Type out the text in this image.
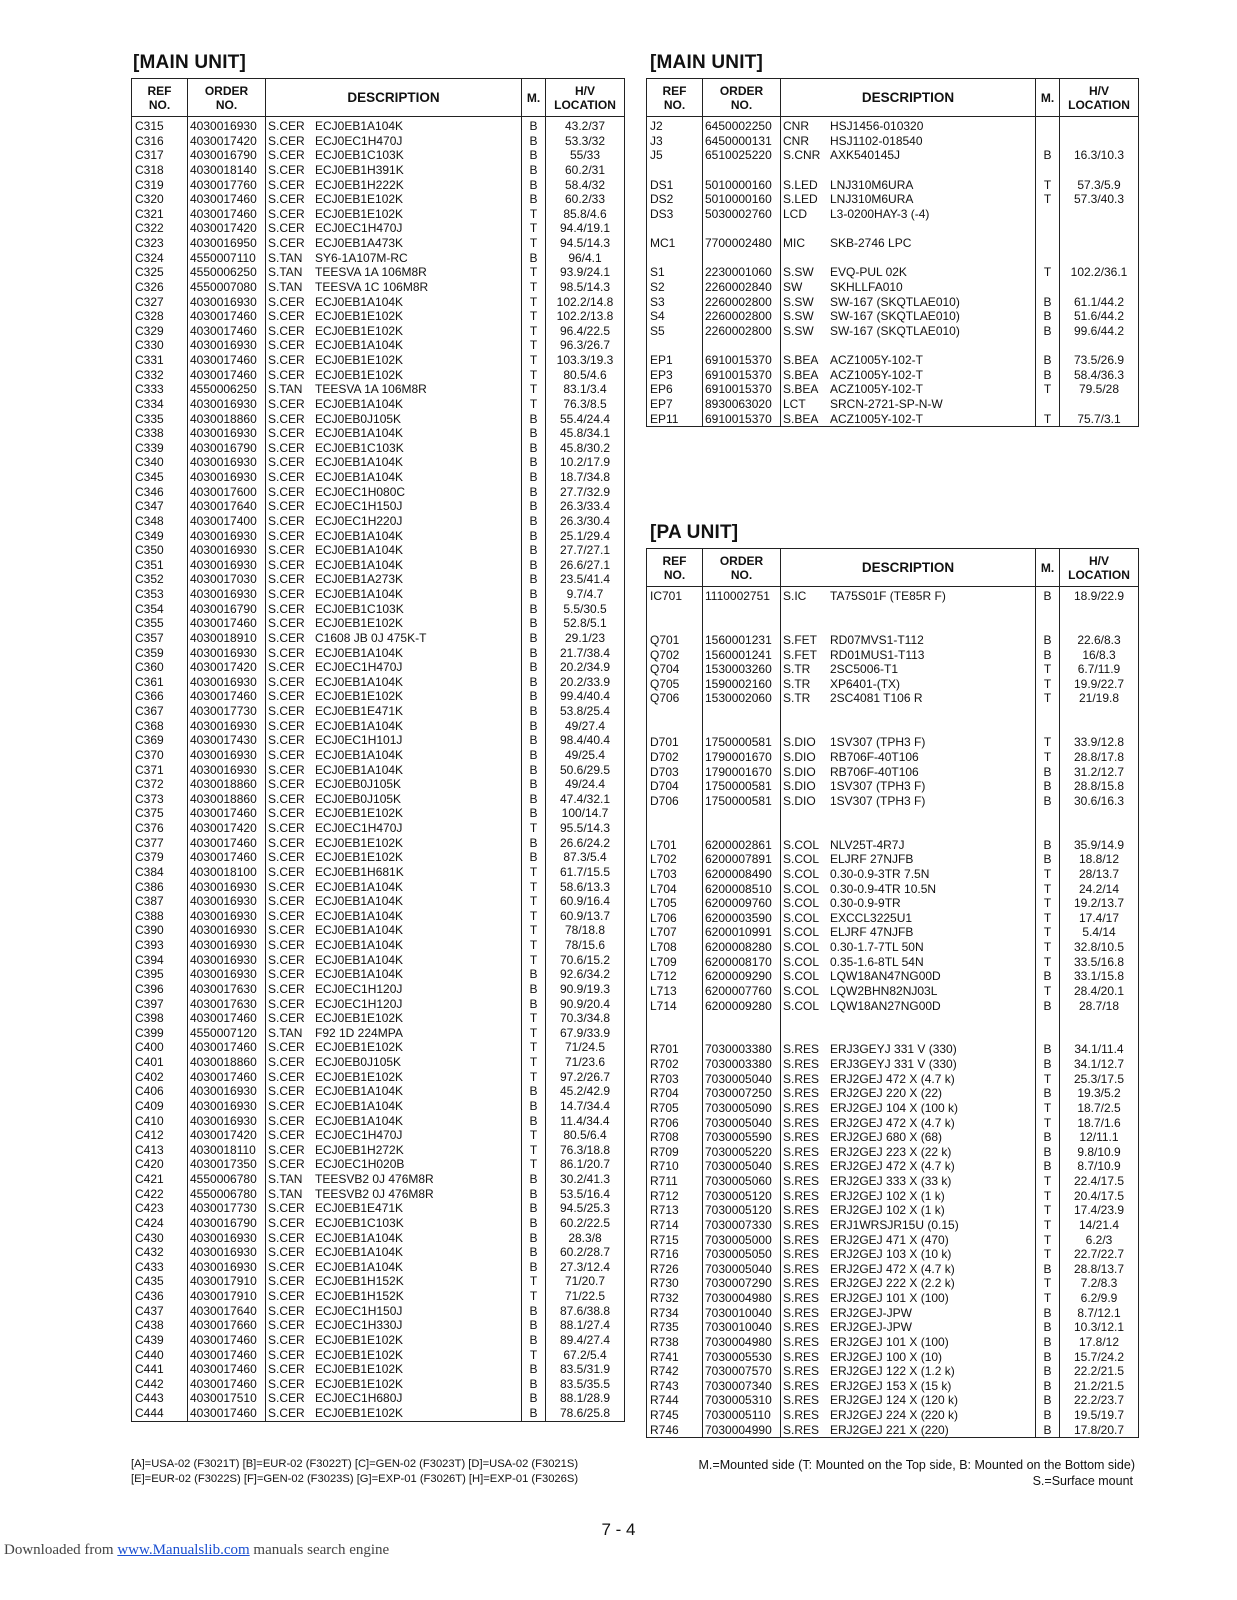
[MAIN UNIT]
REF
NO.	ORDER
NO.	DESCRIPTION	M.	H/V
LOCATION
C315	4030016930	S.CER ECJ0EB1A104K	B	43.2/37
C316	4030017420	S.CER ECJ0EC1H470J	B	53.3/32
C317	4030016790	S.CER ECJ0EB1C103K	B	55/33
C318	4030018140	S.CER ECJ0EB1H391K	B	60.2/31
C319	4030017760	S.CER ECJ0EB1H222K	B	58.4/32
C320	4030017460	S.CER ECJ0EB1E102K	B	60.2/33
C321	4030017460	S.CER ECJ0EB1E102K	T	85.8/4.6
C322	4030017420	S.CER ECJ0EC1H470J	T	94.4/19.1
C323	4030016950	S.CER ECJ0EB1A473K	T	94.5/14.3
C324	4550007110	S.TAN SY6-1A107M-RC	B	96/4.1
C325	4550006250	S.TAN TEESVA 1A 106M8R	T	93.9/24.1
C326	4550007080	S.TAN TEESVA 1C 106M8R	T	98.5/14.3
C327	4030016930	S.CER ECJ0EB1A104K	T	102.2/14.8
C328	4030017460	S.CER ECJ0EB1E102K	T	102.2/13.8
C329	4030017460	S.CER ECJ0EB1E102K	T	96.4/22.5
C330	4030016930	S.CER ECJ0EB1A104K	T	96.3/26.7
C331	4030017460	S.CER ECJ0EB1E102K	T	103.3/19.3
C332	4030017460	S.CER ECJ0EB1E102K	T	80.5/4.6
C333	4550006250	S.TAN TEESVA 1A 106M8R	T	83.1/3.4
C334	4030016930	S.CER ECJ0EB1A104K	T	76.3/8.5
C335	4030018860	S.CER ECJ0EB0J105K	B	55.4/24.4
C338	4030016930	S.CER ECJ0EB1A104K	B	45.8/34.1
C339	4030016790	S.CER ECJ0EB1C103K	B	45.8/30.2
C340	4030016930	S.CER ECJ0EB1A104K	B	10.2/17.9
C345	4030016930	S.CER ECJ0EB1A104K	B	18.7/34.8
C346	4030017600	S.CER ECJ0EC1H080C	B	27.7/32.9
C347	4030017640	S.CER ECJ0EC1H150J	B	26.3/33.4
C348	4030017400	S.CER ECJ0EC1H220J	B	26.3/30.4
C349	4030016930	S.CER ECJ0EB1A104K	B	25.1/29.4
C350	4030016930	S.CER ECJ0EB1A104K	B	27.7/27.1
C351	4030016930	S.CER ECJ0EB1A104K	B	26.6/27.1
C352	4030017030	S.CER ECJ0EB1A273K	B	23.5/41.4
C353	4030016930	S.CER ECJ0EB1A104K	B	9.7/4.7
C354	4030016790	S.CER ECJ0EB1C103K	B	5.5/30.5
C355	4030017460	S.CER ECJ0EB1E102K	B	52.8/5.1
C357	4030018910	S.CER C1608 JB 0J 475K-T	B	29.1/23
C359	4030016930	S.CER ECJ0EB1A104K	B	21.7/38.4
C360	4030017420	S.CER ECJ0EC1H470J	B	20.2/34.9
C361	4030016930	S.CER ECJ0EB1A104K	B	20.2/33.9
C366	4030017460	S.CER ECJ0EB1E102K	B	99.4/40.4
C367	4030017730	S.CER ECJ0EB1E471K	B	53.8/25.4
C368	4030016930	S.CER ECJ0EB1A104K	B	49/27.4
C369	4030017430	S.CER ECJ0EC1H101J	B	98.4/40.4
C370	4030016930	S.CER ECJ0EB1A104K	B	49/25.4
C371	4030016930	S.CER ECJ0EB1A104K	B	50.6/29.5
C372	4030018860	S.CER ECJ0EB0J105K	B	49/24.4
C373	4030018860	S.CER ECJ0EB0J105K	B	47.4/32.1
C375	4030017460	S.CER ECJ0EB1E102K	B	100/14.7
C376	4030017420	S.CER ECJ0EC1H470J	T	95.5/14.3
C377	4030017460	S.CER ECJ0EB1E102K	B	26.6/24.2
C379	4030017460	S.CER ECJ0EB1E102K	B	87.3/5.4
C384	4030018100	S.CER ECJ0EB1H681K	T	61.7/15.5
C386	4030016930	S.CER ECJ0EB1A104K	T	58.6/13.3
C387	4030016930	S.CER ECJ0EB1A104K	T	60.9/16.4
C388	4030016930	S.CER ECJ0EB1A104K	T	60.9/13.7
C390	4030016930	S.CER ECJ0EB1A104K	T	78/18.8
C393	4030016930	S.CER ECJ0EB1A104K	T	78/15.6
C394	4030016930	S.CER ECJ0EB1A104K	T	70.6/15.2
C395	4030016930	S.CER ECJ0EB1A104K	B	92.6/34.2
C396	4030017630	S.CER ECJ0EC1H120J	B	90.9/19.3
C397	4030017630	S.CER ECJ0EC1H120J	B	90.9/20.4
C398	4030017460	S.CER ECJ0EB1E102K	T	70.3/34.8
C399	4550007120	S.TAN F92 1D 224MPA	T	67.9/33.9
C400	4030017460	S.CER ECJ0EB1E102K	T	71/24.5
C401	4030018860	S.CER ECJ0EB0J105K	T	71/23.6
C402	4030017460	S.CER ECJ0EB1E102K	T	97.2/26.7
C406	4030016930	S.CER ECJ0EB1A104K	B	45.2/42.9
C409	4030016930	S.CER ECJ0EB1A104K	B	14.7/34.4
C410	4030016930	S.CER ECJ0EB1A104K	B	11.4/34.4
C412	4030017420	S.CER ECJ0EC1H470J	T	80.5/6.4
C413	4030018110	S.CER ECJ0EB1H272K	T	76.3/18.8
C420	4030017350	S.CER ECJ0EC1H020B	T	86.1/20.7
C421	4550006780	S.TAN TEESVB2 0J 476M8R	B	30.2/41.3
C422	4550006780	S.TAN TEESVB2 0J 476M8R	B	53.5/16.4
C423	4030017730	S.CER ECJ0EB1E471K	B	94.5/25.3
C424	4030016790	S.CER ECJ0EB1C103K	B	60.2/22.5
C430	4030016930	S.CER ECJ0EB1A104K	B	28.3/8
C432	4030016930	S.CER ECJ0EB1A104K	B	60.2/28.7
C433	4030016930	S.CER ECJ0EB1A104K	B	27.3/12.4
C435	4030017910	S.CER ECJ0EB1H152K	T	71/20.7
C436	4030017910	S.CER ECJ0EB1H152K	T	71/22.5
C437	4030017640	S.CER ECJ0EC1H150J	B	87.6/38.8
C438	4030017660	S.CER ECJ0EC1H330J	B	88.1/27.4
C439	4030017460	S.CER ECJ0EB1E102K	B	89.4/27.4
C440	4030017460	S.CER ECJ0EB1E102K	T	67.2/5.4
C441	4030017460	S.CER ECJ0EB1E102K	B	83.5/31.9
C442	4030017460	S.CER ECJ0EB1E102K	B	83.5/35.5
C443	4030017510	S.CER ECJ0EC1H680J	B	88.1/28.9
C444	4030017460	S.CER ECJ0EB1E102K	B	78.6/25.8
[A]=USA-02 (F3021T) [B]=EUR-02 (F3022T) [C]=GEN-02 (F3023T) [D]=USA-02 (F3021S)
[E]=EUR-02 (F3022S) [F]=GEN-02 (F3023S) [G]=EXP-01 (F3026T) [H]=EXP-01 (F3026S)
[MAIN UNIT]
REF
NO.	ORDER
NO.	DESCRIPTION	M.	H/V
LOCATION
J2	6450002250	CNR HSJ1456-010320		
J3	6450000131	CNR HSJ1102-018540		
J5	6510025220	S.CNR AXK540145J	B	16.3/10.3

DS1	5010000160	S.LED LNJ310M6URA	T	57.3/5.9
DS2	5010000160	S.LED LNJ310M6URA	T	57.3/40.3
DS3	5030002760	LCD L3-0200HAY-3 (-4)		

MC1	7700002480	MIC SKB-2746 LPC		

S1	2230001060	S.SW EVQ-PUL 02K	T	102.2/36.1
S2	2260002840	SW SKHLLFA010		
S3	2260002800	S.SW SW-167 (SKQTLAE010)	B	61.1/44.2
S4	2260002800	S.SW SW-167 (SKQTLAE010)	B	51.6/44.2
S5	2260002800	S.SW SW-167 (SKQTLAE010)	B	99.6/44.2

EP1	6910015370	S.BEA ACZ1005Y-102-T	B	73.5/26.9
EP3	6910015370	S.BEA ACZ1005Y-102-T	B	58.4/36.3
EP6	6910015370	S.BEA ACZ1005Y-102-T	T	79.5/28
EP7	8930063020	LCT SRCN-2721-SP-N-W		
EP11	6910015370	S.BEA ACZ1005Y-102-T	T	75.7/3.1
[PA UNIT]
REF
NO.	ORDER
NO.	DESCRIPTION	M.	H/V
LOCATION
IC701	1110002751	S.IC TA75S01F (TE85R F)	B	18.9/22.9

Q701	1560001231	S.FET RD07MVS1-T112	B	22.6/8.3
Q702	1560001241	S.FET RD01MUS1-T113	B	16/8.3
Q704	1530003260	S.TR 2SC5006-T1	T	6.7/11.9
Q705	1590002160	S.TR XP6401-(TX)	T	19.9/22.7
Q706	1530002060	S.TR 2SC4081 T106 R	T	21/19.8

D701	1750000581	S.DIO 1SV307 (TPH3 F)	T	33.9/12.8
D702	1790001670	S.DIO RB706F-40T106	T	28.8/17.8
D703	1790001670	S.DIO RB706F-40T106	B	31.2/12.7
D704	1750000581	S.DIO 1SV307 (TPH3 F)	B	28.8/15.8
D706	1750000581	S.DIO 1SV307 (TPH3 F)	B	30.6/16.3

L701	6200002861	S.COL NLV25T-4R7J	B	35.9/14.9
L702	6200007891	S.COL ELJRF 27NJFB	B	18.8/12
L703	6200008490	S.COL 0.30-0.9-3TR 7.5N	T	28/13.7
L704	6200008510	S.COL 0.30-0.9-4TR 10.5N	T	24.2/14
L705	6200009760	S.COL 0.30-0.9-9TR	T	19.2/13.7
L706	6200003590	S.COL EXCCL3225U1	T	17.4/17
L707	6200010991	S.COL ELJRF 47NJFB	T	5.4/14
L708	6200008280	S.COL 0.30-1.7-7TL 50N	T	32.8/10.5
L709	6200008170	S.COL 0.35-1.6-8TL 54N	T	33.5/16.8
L712	6200009290	S.COL LQW18AN47NG00D	B	33.1/15.8
L713	6200007760	S.COL LQW2BHN82NJ03L	T	28.4/20.1
L714	6200009280	S.COL LQW18AN27NG00D	B	28.7/18

R701	7030003380	S.RES ERJ3GEYJ 331 V (330)	B	34.1/11.4
R702	7030003380	S.RES ERJ3GEYJ 331 V (330)	B	34.1/12.7
R703	7030005040	S.RES ERJ2GEJ 472 X (4.7 k)	T	25.3/17.5
R704	7030007250	S.RES ERJ2GEJ 220 X (22)	B	19.3/5.2
R705	7030005090	S.RES ERJ2GEJ 104 X (100 k)	T	18.7/2.5
R706	7030005040	S.RES ERJ2GEJ 472 X (4.7 k)	T	18.7/1.6
R708	7030005590	S.RES ERJ2GEJ 680 X (68)	B	12/11.1
R709	7030005220	S.RES ERJ2GEJ 223 X (22 k)	B	9.8/10.9
R710	7030005040	S.RES ERJ2GEJ 472 X (4.7 k)	B	8.7/10.9
R711	7030005060	S.RES ERJ2GEJ 333 X (33 k)	T	22.4/17.5
R712	7030005120	S.RES ERJ2GEJ 102 X (1 k)	T	20.4/17.5
R713	7030005120	S.RES ERJ2GEJ 102 X (1 k)	T	17.4/23.9
R714	7030007330	S.RES ERJ1WRSJR15U (0.15)	T	14/21.4
R715	7030005000	S.RES ERJ2GEJ 471 X (470)	T	6.2/3
R716	7030005050	S.RES ERJ2GEJ 103 X (10 k)	T	22.7/22.7
R726	7030005040	S.RES ERJ2GEJ 472 X (4.7 k)	B	28.8/13.7
R730	7030007290	S.RES ERJ2GEJ 222 X (2.2 k)	T	7.2/8.3
R732	7030004980	S.RES ERJ2GEJ 101 X (100)	T	6.2/9.9
R734	7030010040	S.RES ERJ2GEJ-JPW	B	8.7/12.1
R735	7030010040	S.RES ERJ2GEJ-JPW	B	10.3/12.1
R738	7030004980	S.RES ERJ2GEJ 101 X (100)	B	17.8/12
R741	7030005530	S.RES ERJ2GEJ 100 X (10)	B	15.7/24.2
R742	7030007570	S.RES ERJ2GEJ 122 X (1.2 k)	B	22.2/21.5
R743	7030007340	S.RES ERJ2GEJ 153 X (15 k)	B	21.2/21.5
R744	7030005310	S.RES ERJ2GEJ 124 X (120 k)	B	22.2/23.7
R745	7030005110	S.RES ERJ2GEJ 224 X (220 k)	B	19.5/19.7
R746	7030004990	S.RES ERJ2GEJ 221 X (220)	B	17.8/20.7
M.=Mounted side (T: Mounted on the Top side, B: Mounted on the Bottom side)
S.=Surface mount
7 - 4
Downloaded from www.Manualslib.com manuals search engine
